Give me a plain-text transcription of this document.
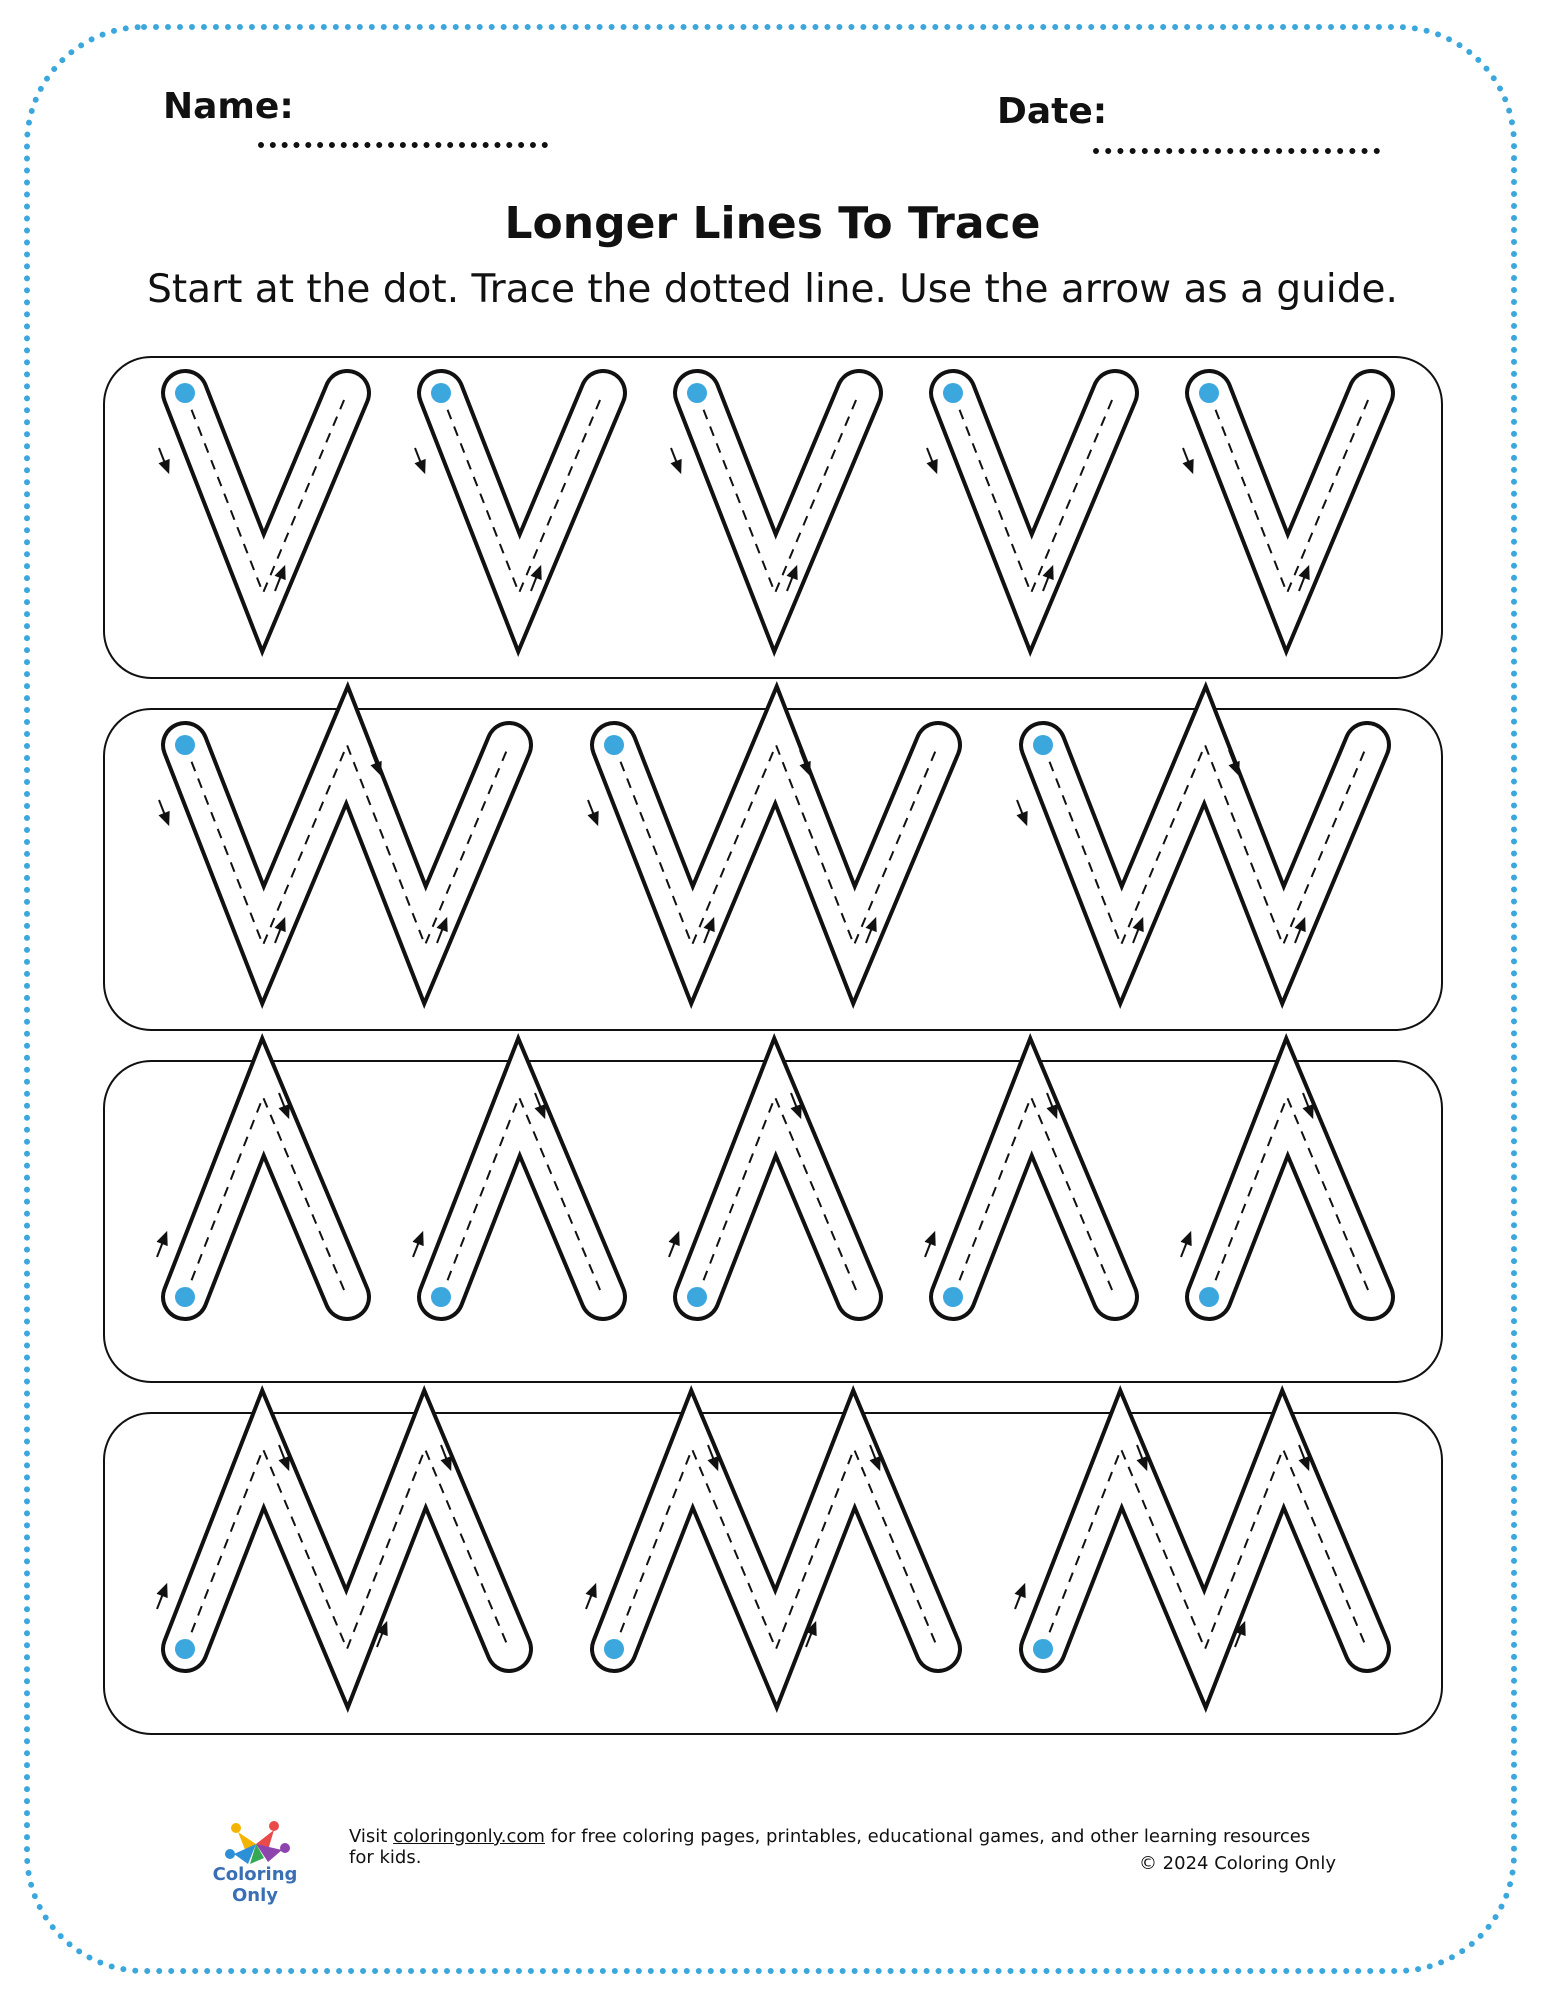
Name:	Date:
Longer Lines To Trace
Start at the dot. Trace the dotted line. Use the arrow as a guide.
Coloring Only
Visit coloringonly.com for free coloring pages, printables, educational games, and other learning resources for kids.	© 2024 Coloring Only
